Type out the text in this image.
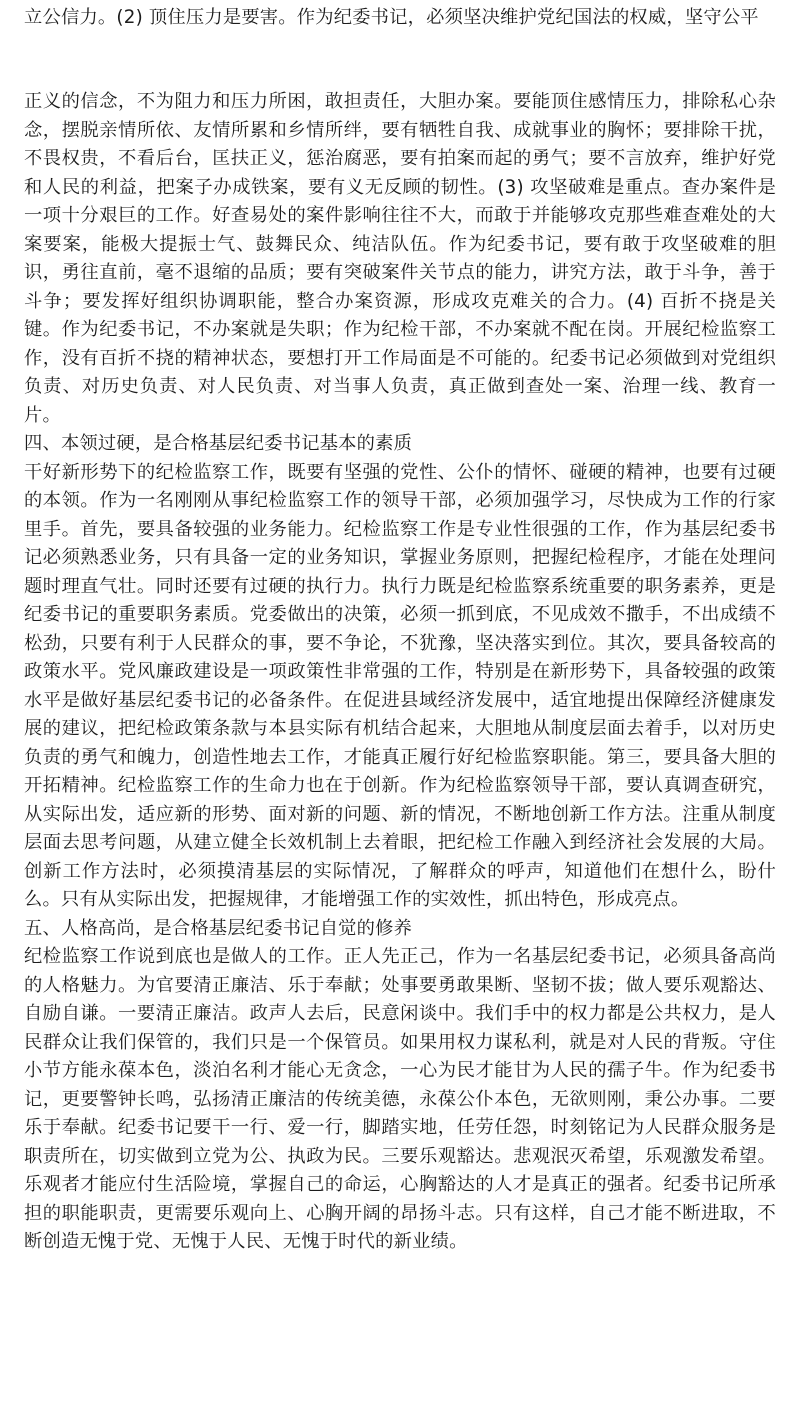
立公信力。(2) 顶住压力是要害。作为纪委书记，必须坚决维护党纪国法的权威，坚守公平

正义的信念，不为阻力和压力所困，敢担责任，大胆办案。要能顶住感情压力，排除私心杂念，摆脱亲情所依、友情所累和乡情所绊，要有牺牲自我、成就事业的胸怀；要排除干扰，不畏权贵，不看后台，匡扶正义，惩治腐恶，要有拍案而起的勇气；要不言放弃，维护好党和人民的利益，把案子办成铁案，要有义无反顾的韧性。(3) 攻坚破难是重点。查办案件是一项十分艰巨的工作。好查易处的案件影响往往不大，而敢于并能够攻克那些难查难处的大案要案，能极大提振士气、鼓舞民众、纯洁队伍。作为纪委书记，要有敢于攻坚破难的胆识，勇往直前，毫不退缩的品质；要有突破案件关节点的能力，讲究方法，敢于斗争，善于斗争；要发挥好组织协调职能，整合办案资源，形成攻克难关的合力。(4) 百折不挠是关键。作为纪委书记，不办案就是失职；作为纪检干部，不办案就不配在岗。开展纪检监察工作，没有百折不挠的精神状态，要想打开工作局面是不可能的。纪委书记必须做到对党组织负责、对历史负责、对人民负责、对当事人负责，真正做到查处一案、治理一线、教育一片。
四、本领过硬，是合格基层纪委书记基本的素质
干好新形势下的纪检监察工作，既要有坚强的党性、公仆的情怀、碰硬的精神，也要有过硬的本领。作为一名刚刚从事纪检监察工作的领导干部，必须加强学习，尽快成为工作的行家里手。首先，要具备较强的业务能力。纪检监察工作是专业性很强的工作，作为基层纪委书记必须熟悉业务，只有具备一定的业务知识，掌握业务原则，把握纪检程序，才能在处理问题时理直气壮。同时还要有过硬的执行力。执行力既是纪检监察系统重要的职务素养，更是纪委书记的重要职务素质。党委做出的决策，必须一抓到底，不见成效不撒手，不出成绩不松劲，只要有利于人民群众的事，要不争论，不犹豫，坚决落实到位。其次，要具备较高的政策水平。党风廉政建设是一项政策性非常强的工作，特别是在新形势下，具备较强的政策水平是做好基层纪委书记的必备条件。在促进县域经济发展中，适宜地提出保障经济健康发展的建议，把纪检政策条款与本县实际有机结合起来，大胆地从制度层面去着手，以对历史负责的勇气和魄力，创造性地去工作，才能真正履行好纪检监察职能。第三，要具备大胆的开拓精神。纪检监察工作的生命力也在于创新。作为纪检监察领导干部，要认真调查研究，从实际出发，适应新的形势、面对新的问题、新的情况，不断地创新工作方法。注重从制度层面去思考问题，从建立健全长效机制上去着眼，把纪检工作融入到经济社会发展的大局。创新工作方法时，必须摸清基层的实际情况，了解群众的呼声，知道他们在想什么，盼什么。只有从实际出发，把握规律，才能增强工作的实效性，抓出特色，形成亮点。
五、人格高尚，是合格基层纪委书记自觉的修养
纪检监察工作说到底也是做人的工作。正人先正己，作为一名基层纪委书记，必须具备高尚的人格魅力。为官要清正廉洁、乐于奉献；处事要勇敢果断、坚韧不拔；做人要乐观豁达、自励自谦。一要清正廉洁。政声人去后，民意闲谈中。我们手中的权力都是公共权力，是人民群众让我们保管的，我们只是一个保管员。如果用权力谋私利，就是对人民的背叛。守住小节方能永葆本色，淡泊名利才能心无贪念，一心为民才能甘为人民的孺子牛。作为纪委书记，更要警钟长鸣，弘扬清正廉洁的传统美德，永葆公仆本色，无欲则刚，秉公办事。二要乐于奉献。纪委书记要干一行、爱一行，脚踏实地，任劳任怨，时刻铭记为人民群众服务是职责所在，切实做到立党为公、执政为民。三要乐观豁达。悲观泯灭希望，乐观激发希望。乐观者才能应付生活险境，掌握自己的命运，心胸豁达的人才是真正的强者。纪委书记所承担的职能职责，更需要乐观向上、心胸开阔的昂扬斗志。只有这样，自己才能不断进取，不断创造无愧于党、无愧于人民、无愧于时代的新业绩。
